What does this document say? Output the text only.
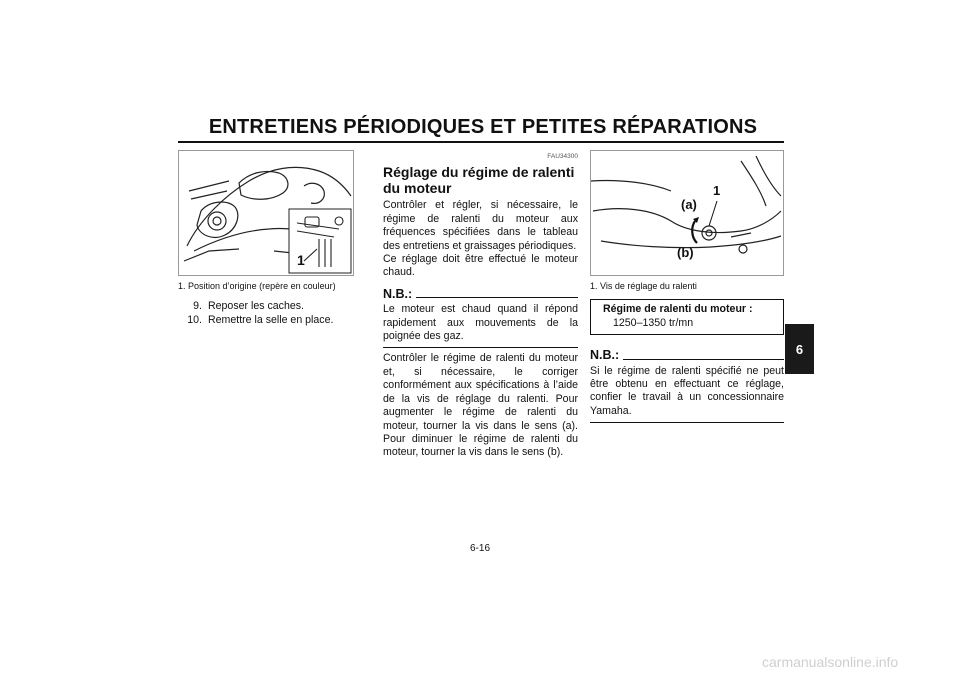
ENTRETIENS PÉRIODIQUES ET PETITES RÉPARATIONS
6
1
1. Position d’origine (repère en couleur)
9. Reposer les caches.
10. Remettre la selle en place.
FAU34300
Réglage du régime de ralenti du moteur

Contrôler et régler, si nécessaire, le régime de ralenti du moteur aux fréquences spécifiées dans le tableau des entretiens et graissages périodiques.

Ce réglage doit être effectué le moteur chaud.

N.B.:

Le moteur est chaud quand il répond rapidement aux mouvements de la poignée des gaz.

Contrôler le régime de ralenti du moteur et, si nécessaire, le corriger conformément aux spécifications à l’aide de la vis de réglage du ralenti. Pour augmenter le régime de ralenti du moteur, tourner la vis dans le sens (a). Pour diminuer le régime de ralenti du moteur, tourner la vis dans le sens (b).

1
(a)
(b)
1. Vis de réglage du ralenti
Régime de ralenti du moteur :
1250–1350 tr/mn
N.B.:

Si le régime de ralenti spécifié ne peut être obtenu en effectuant ce réglage, confier le travail à un concessionnaire Yamaha.

6-16
carmanualsonline.info
